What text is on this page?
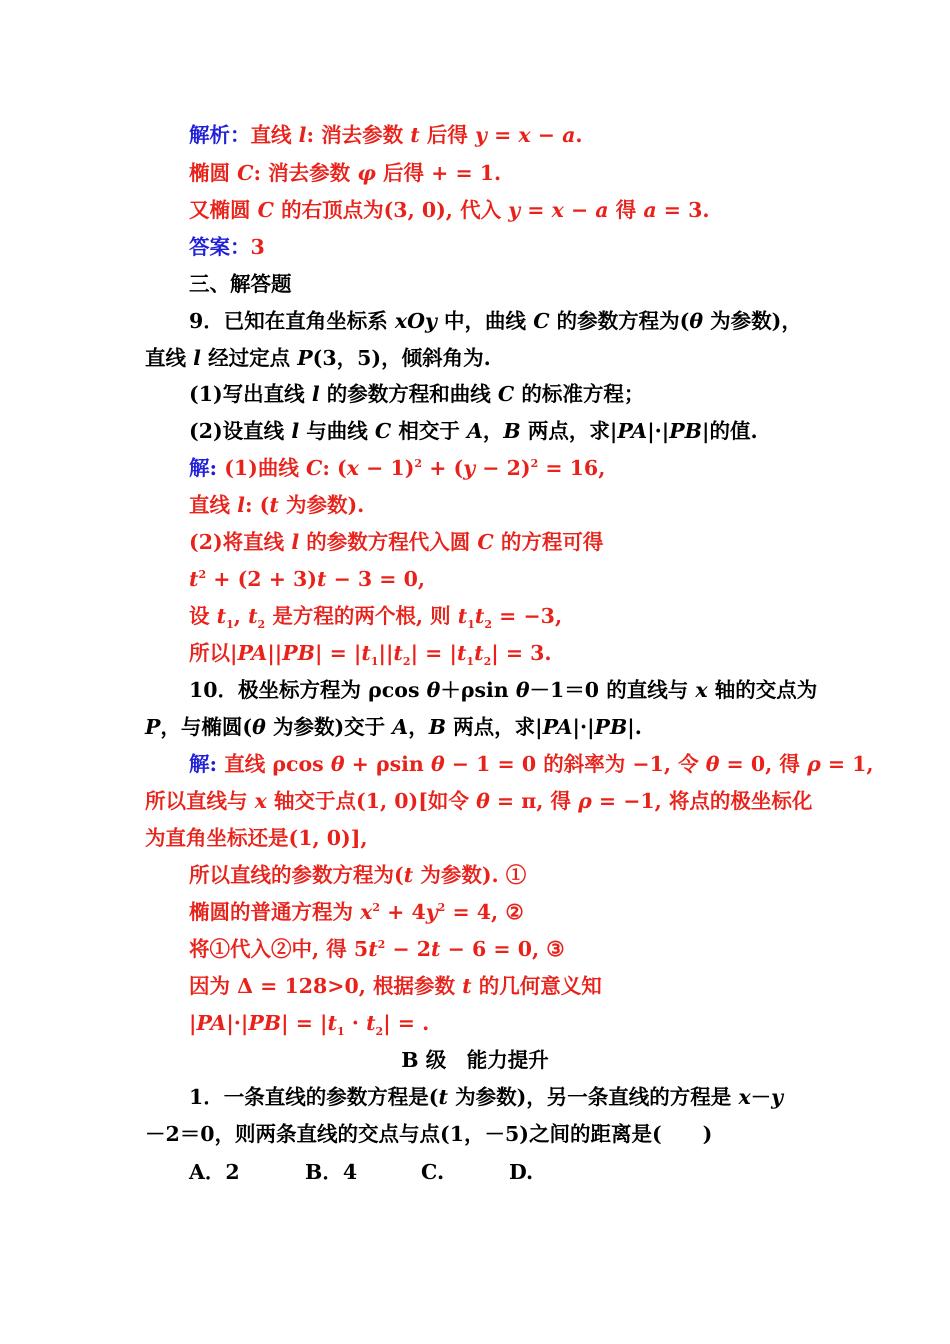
解析：直线 l: 消去参数 t 后得 y = x − a.
椭圆 C: 消去参数 φ 后得 + = 1.
又椭圆 C 的右顶点为(3, 0), 代入 y = x − a 得 a = 3.
答案：3
三、解答题
9．已知在直角坐标系 xOy 中，曲线 C 的参数方程为(θ 为参数)，
直线 l 经过定点 P(3，5)，倾斜角为.
(1)写出直线 l 的参数方程和曲线 C 的标准方程；
(2)设直线 l 与曲线 C 相交于 A，B 两点，求|PA|·|PB|的值.
解: (1)曲线 C: $(x - 1)^2 + (y - 2)^2 = 16$,
直线 l: (t 为参数).
(2)将直线 l 的参数方程代入圆 C 的方程可得
$t^2 + (2 + 3)t - 3 = 0$,
设 $t_1$, $t_2$ 是方程的两个根, 则 $t_1t_2 = -3$,
所以$|PA||PB| = |t_1||t_2| = |t_1t_2| = 3$.
10．极坐标方程为 ρcos θ＋ρsin θ－1＝0 的直线与 x 轴的交点为
P，与椭圆(θ 为参数)交于 A，B 两点，求|PA|·|PB|.
解: 直线 ρcos θ + ρsin θ − 1 = 0 的斜率为 −1, 令 θ = 0, 得 ρ = 1,
所以直线与 x 轴交于点(1, 0)[如令 θ = π, 得 ρ = −1, 将点的极坐标化
为直角坐标还是(1, 0)],
所以直线的参数方程为(t 为参数). ①
椭圆的普通方程为 $x^2 + 4y^2 = 4$, ②
将①代入②中, 得 $5t^2 - 2t - 6 = 0$, ③
因为 Δ = 128>0, 根据参数 t 的几何意义知
$|PA|\cdot|PB| = |t_1 \cdot t_2|$ = .
B 级　能力提升
1．一条直线的参数方程是(t 为参数)，另一条直线的方程是 x－y
－2＝0，则两条直线的交点与点(1，－5)之间的距离是(　　)
A．2	B．4	C.	D.
